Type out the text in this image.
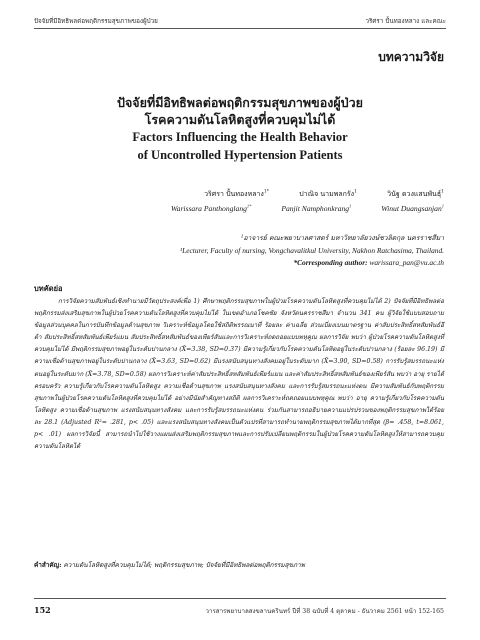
ปัจจัยที่มีอิทธิพลต่อพฤติกรรมสุขภาพของผู้ป่วย	วริศรา ปั้นทองหลาง และคณะ
บทความวิจัย
ปัจจัยที่มีอิทธิพลต่อพฤติกรรมสุขภาพของผู้ป่วย
โรคความดันโลหิตสูงที่ควบคุมไม่ได้
Factors Influencing the Health Behavior
of Uncontrolled Hypertension Patients
วริศรา ปั้นทองหลาง$^{1*}$	ปาณิจ นามพลกรัง$^1$	วินัฐ ดวงแสนพันธุ์$^1$
Warissara Panthonglang$^{1*}$	Panjit Namphonkrang$^1$	Winut Duangsanjan$^1$
¹อาจารย์ คณะพยาบาลศาสตร์ มหาวิทยาลัยวงษ์ชวลิตกุล นครราชสีมา
¹Lecturer, Faculty of nursing, Vongchavalitkul University, Nakhon Ratchasima, Thailand.
*Corresponding author: warissara_pan@vu.ac.th
บทคัดย่อ

การวิจัยความสัมพันธ์เชิงทำนายมีวัตถุประสงค์เพื่อ 1) ศึกษาพฤติกรรมสุขภาพในผู้ป่วยโรคความดันโลหิตสูงที่ควบคุมไม่ได้ 2) ปัจจัยที่มีอิทธิพลต่อพฤติกรรมส่งเสริมสุขภาพในผู้ป่วยโรคความดันโลหิตสูงที่ควบคุมไม่ได้ ในเขตอำเภอโชคชัย จังหวัดนครราชสีมา จำนวน 341 คน ผู้วิจัยใช้แบบสอบถามข้อมูลส่วนบุคคลในการบันทึกข้อมูลด้านสุขภาพ วิเคราะห์ข้อมูลโดยใช้สถิติพรรณนาที่ ร้อยละ ค่าเฉลี่ย ส่วนเบี่ยงเบนมาตรฐาน ค่าสัมประสิทธิ์สหสัมพันธ์อีต้า สัมประสิทธิ์สหสัมพันธ์เพียร์แมน สัมประสิทธิ์สหสัมพันธ์ของเพียร์สันและการวิเคราะห์ถดถอยแบบพหุคูณ ผลการวิจัย พบว่า ผู้ป่วยโรคความดันโลหิตสูงที่ควบคุมไม่ได้ มีพฤติกรรมสุขภาพอยู่ในระดับปานกลาง (X̄=3.38, SD=0.37) มีความรู้เกี่ยวกับโรคความดันโลหิตอยู่ในระดับปานกลาง (ร้อยละ 96.19) มีความเชื่อด้านสุขภาพอยู่ในระดับปานกลาง (X̄=3.63, SD=0.62) มีแรงสนับสนุนทางสังคมอยู่ในระดับมาก (X̄=3.90, SD=0.58) การรับรู้สมรรถนะแห่งตนอยู่ในระดับมาก (X̄=3.78, SD=0.58) ผลการวิเคราะห์ค่าสัมประสิทธิ์สหสัมพันธ์เพียร์แมน และค่าสัมประสิทธิ์สหสัมพันธ์ของเพียร์สัน พบว่า อายุ รายได้ครอบครัว ความรู้เกี่ยวกับโรคความดันโลหิตสูง ความเชื่อด้านสุขภาพ แรงสนับสนุนทางสังคม และการรับรู้สมรรถนะแห่งตน มีความสัมพันธ์กับพฤติกรรมสุขภาพในผู้ป่วยโรคความดันโลหิตสูงที่ควบคุมไม่ได้ อย่างมีนัยสำคัญทางสถิติ ผลการวิเคราะห์ถดถอยแบบพหุคูณ พบว่า อายุ ความรู้เกี่ยวกับโรคความดันโลหิตสูง ความเชื่อด้านสุขภาพ แรงสนับสนุนทางสังคม และการรับรู้สมรรถนะแห่งตน ร่วมกันสามารถอธิบายความแปรปรวนของพฤติกรรมสุขภาพได้ร้อยละ 28.1 (Adjusted R²= .281, p< .05) และแรงสนับสนุนทางสังคมเป็นตัวแปรที่สามารถทำนายพฤติกรรมสุขภาพได้มากที่สุด (β= .458, t=8.061, p< .01) ผลการวิจัยนี้ สามารถนำไปใช้วางแผนส่งเสริมพฤติกรรมสุขภาพและการปรับเปลี่ยนพฤติกรรมในผู้ป่วยโรคความดันโลหิตสูงให้สามารถควบคุมความดันโลหิตได้

คำสำคัญ: ความดันโลหิตสูงที่ควบคุมไม่ได้; พฤติกรรมสุขภาพ; ปัจจัยที่มีอิทธิพลต่อพฤติกรรมสุขภาพ
152	วารสารพยาบาลสงขลานครินทร์ ปีที่ 38 ฉบับที่ 4 ตุลาคม - ธันวาคม 2561 หน้า 152-165
